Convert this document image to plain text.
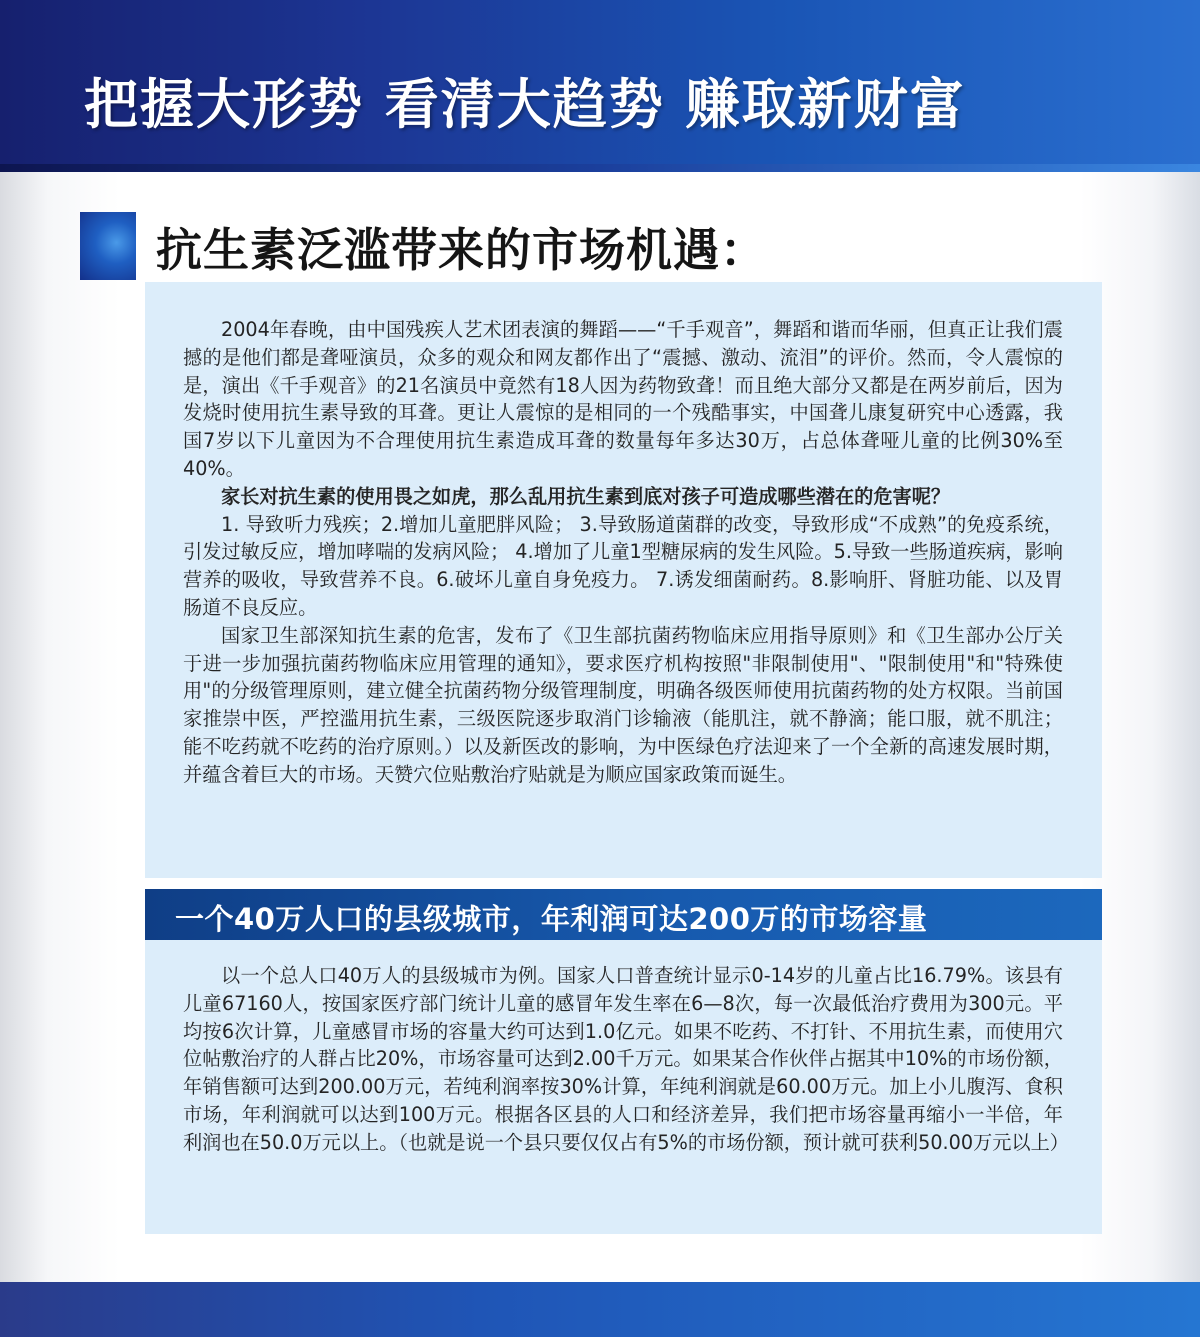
把握大形势 看清大趋势 赚取新财富
抗生素泛滥带来的市场机遇：

2004年春晚，由中国残疾人艺术团表演的舞蹈——“千手观音”，舞蹈和谐而华丽，但真正让我们震撼的是他们都是聋哑演员，众多的观众和网友都作出了“震撼、激动、流泪”的评价。然而，令人震惊的是，演出《千手观音》的21名演员中竟然有18人因为药物致聋！而且绝大部分又都是在两岁前后，因为发烧时使用抗生素导致的耳聋。更让人震惊的是相同的一个残酷事实，中国聋儿康复研究中心透露，我国7岁以下儿童因为不合理使用抗生素造成耳聋的数量每年多达30万，占总体聋哑儿童的比例30%至40%。

家长对抗生素的使用畏之如虎，那么乱用抗生素到底对孩子可造成哪些潜在的危害呢？

1. 导致听力残疾；2.增加儿童肥胖风险； 3.导致肠道菌群的改变，导致形成“不成熟”的免疫系统，引发过敏反应，增加哮喘的发病风险； 4.增加了儿童1型糖尿病的发生风险。5.导致一些肠道疾病，影响营养的吸收，导致营养不良。6.破坏儿童自身免疫力。 7.诱发细菌耐药。8.影响肝、肾脏功能、以及胃肠道不良反应。

国家卫生部深知抗生素的危害，发布了《卫生部抗菌药物临床应用指导原则》和《卫生部办公厅关于进一步加强抗菌药物临床应用管理的通知》，要求医疗机构按照"非限制使用"、"限制使用"和"特殊使用"的分级管理原则，建立健全抗菌药物分级管理制度，明确各级医师使用抗菌药物的处方权限。当前国家推崇中医，严控滥用抗生素，三级医院逐步取消门诊输液（能肌注，就不静滴；能口服，就不肌注；能不吃药就不吃药的治疗原则。）以及新医改的影响，为中医绿色疗法迎来了一个全新的高速发展时期，并蕴含着巨大的市场。天赞穴位贴敷治疗贴就是为顺应国家政策而诞生。

一个40万人口的县级城市，年利润可达200万的市场容量

以一个总人口40万人的县级城市为例。国家人口普查统计显示0-14岁的儿童占比16.79%。该县有儿童67160人，按国家医疗部门统计儿童的感冒年发生率在6—8次，每一次最低治疗费用为300元。平均按6次计算，儿童感冒市场的容量大约可达到1.0亿元。如果不吃药、不打针、不用抗生素，而使用穴位帖敷治疗的人群占比20%，市场容量可达到2.00千万元。如果某合作伙伴占据其中10%的市场份额，年销售额可达到200.00万元，若纯利润率按30%计算，年纯利润就是60.00万元。加上小儿腹泻、食积市场，年利润就可以达到100万元。根据各区县的人口和经济差异，我们把市场容量再缩小一半倍，年利润也在50.0万元以上。（也就是说一个县只要仅仅占有5%的市场份额，预计就可获利50.00万元以上）
